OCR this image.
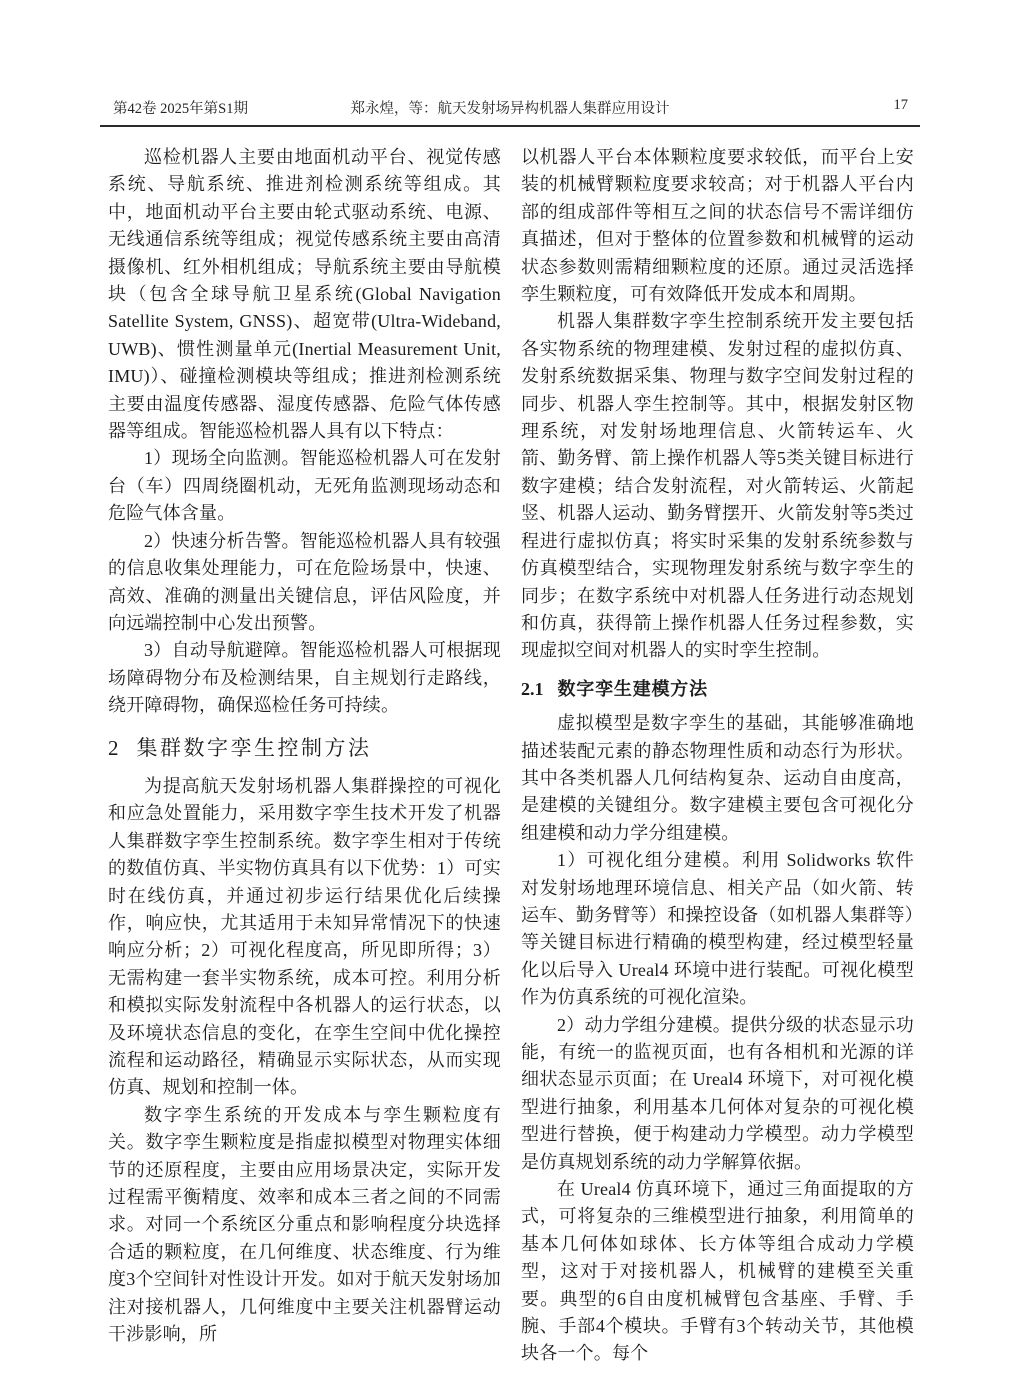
第42卷 2025年第S1期	郑永煌，等：航天发射场异构机器人集群应用设计	17

巡检机器人主要由地面机动平台、视觉传感系统、导航系统、推进剂检测系统等组成。其中，地面机动平台主要由轮式驱动系统、电源、无线通信系统等组成；视觉传感系统主要由高清摄像机、红外相机组成；导航系统主要由导航模块（包含全球导航卫星系统(Global Navigation Satellite System, GNSS)、超宽带(Ultra-Wideband, UWB)、惯性测量单元(Inertial Measurement Unit, IMU)）、碰撞检测模块等组成；推进剂检测系统主要由温度传感器、湿度传感器、危险气体传感器等组成。智能巡检机器人具有以下特点：

1）现场全向监测。智能巡检机器人可在发射台（车）四周绕圈机动，无死角监测现场动态和危险气体含量。

2）快速分析告警。智能巡检机器人具有较强的信息收集处理能力，可在危险场景中，快速、高效、准确的测量出关键信息，评估风险度，并向远端控制中心发出预警。

3）自动导航避障。智能巡检机器人可根据现场障碍物分布及检测结果，自主规划行走路线，绕开障碍物，确保巡检任务可持续。

2 集群数字孪生控制方法

为提高航天发射场机器人集群操控的可视化和应急处置能力，采用数字孪生技术开发了机器人集群数字孪生控制系统。数字孪生相对于传统的数值仿真、半实物仿真具有以下优势：1）可实时在线仿真，并通过初步运行结果优化后续操作，响应快，尤其适用于未知异常情况下的快速响应分析；2）可视化程度高，所见即所得；3）无需构建一套半实物系统，成本可控。利用分析和模拟实际发射流程中各机器人的运行状态，以及环境状态信息的变化，在孪生空间中优化操控流程和运动路径，精确显示实际状态，从而实现仿真、规划和控制一体。

数字孪生系统的开发成本与孪生颗粒度有关。数字孪生颗粒度是指虚拟模型对物理实体细节的还原程度，主要由应用场景决定，实际开发过程需平衡精度、效率和成本三者之间的不同需求。对同一个系统区分重点和影响程度分块选择合适的颗粒度，在几何维度、状态维度、行为维度3个空间针对性设计开发。如对于航天发射场加注对接机器人，几何维度中主要关注机器臂运动干涉影响，所

以机器人平台本体颗粒度要求较低，而平台上安装的机械臂颗粒度要求较高；对于机器人平台内部的组成部件等相互之间的状态信号不需详细仿真描述，但对于整体的位置参数和机械臂的运动状态参数则需精细颗粒度的还原。通过灵活选择孪生颗粒度，可有效降低开发成本和周期。

机器人集群数字孪生控制系统开发主要包括各实物系统的物理建模、发射过程的虚拟仿真、发射系统数据采集、物理与数字空间发射过程的同步、机器人孪生控制等。其中，根据发射区物理系统，对发射场地理信息、火箭转运车、火箭、勤务臂、箭上操作机器人等5类关键目标进行数字建模；结合发射流程，对火箭转运、火箭起竖、机器人运动、勤务臂摆开、火箭发射等5类过程进行虚拟仿真；将实时采集的发射系统参数与仿真模型结合，实现物理发射系统与数字孪生的同步；在数字系统中对机器人任务进行动态规划和仿真，获得箭上操作机器人任务过程参数，实现虚拟空间对机器人的实时孪生控制。

2.1 数字孪生建模方法

虚拟模型是数字孪生的基础，其能够准确地描述装配元素的静态物理性质和动态行为形状。其中各类机器人几何结构复杂、运动自由度高，是建模的关键组分。数字建模主要包含可视化分组建模和动力学分组建模。

1）可视化组分建模。利用 Solidworks 软件对发射场地理环境信息、相关产品（如火箭、转运车、勤务臂等）和操控设备（如机器人集群等）等关键目标进行精确的模型构建，经过模型轻量化以后导入 Ureal4 环境中进行装配。可视化模型作为仿真系统的可视化渲染。

2）动力学组分建模。提供分级的状态显示功能，有统一的监视页面，也有各相机和光源的详细状态显示页面；在 Ureal4 环境下，对可视化模型进行抽象，利用基本几何体对复杂的可视化模型进行替换，便于构建动力学模型。动力学模型是仿真规划系统的动力学解算依据。

在 Ureal4 仿真环境下，通过三角面提取的方式，可将复杂的三维模型进行抽象，利用简单的基本几何体如球体、长方体等组合成动力学模型，这对于对接机器人，机械臂的建模至关重要。典型的6自由度机械臂包含基座、手臂、手腕、手部4个模块。手臂有3个转动关节，其他模块各一个。每个
